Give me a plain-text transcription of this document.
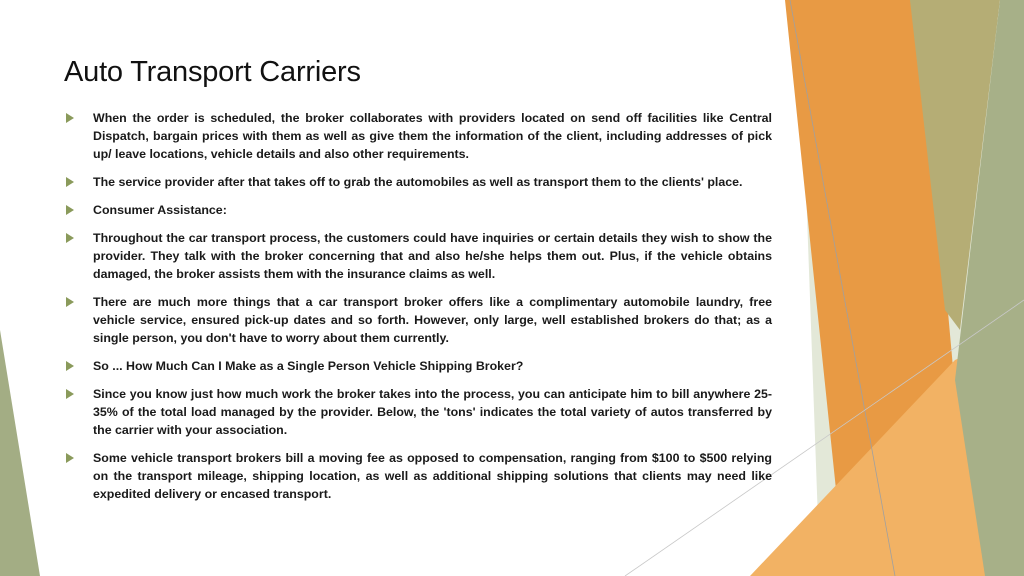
Auto Transport Carriers
When the order is scheduled, the broker collaborates with providers located on send off facilities like Central Dispatch, bargain prices with them as well as give them the information of the client, including addresses of pick up/ leave locations, vehicle details and also other requirements.
The service provider after that takes off to grab the automobiles as well as transport them to the clients' place.
Consumer Assistance:
Throughout the car transport process, the customers could have inquiries or certain details they wish to show the provider. They talk with the broker concerning that and also he/she helps them out. Plus, if the vehicle obtains damaged, the broker assists them with the insurance claims as well.
There are much more things that a car transport broker offers like a complimentary automobile laundry, free vehicle service, ensured pick-up dates and so forth. However, only large, well established brokers do that; as a single person, you don't have to worry about them currently.
So ... How Much Can I Make as a Single Person Vehicle Shipping Broker?
Since you know just how much work the broker takes into the process, you can anticipate him to bill anywhere 25-35% of the total load managed by the provider. Below, the 'tons' indicates the total variety of autos transferred by the carrier with your association.
Some vehicle transport brokers bill a moving fee as opposed to compensation, ranging from $100 to $500 relying on the transport mileage, shipping location, as well as additional shipping solutions that clients may need like expedited delivery or encased transport.
